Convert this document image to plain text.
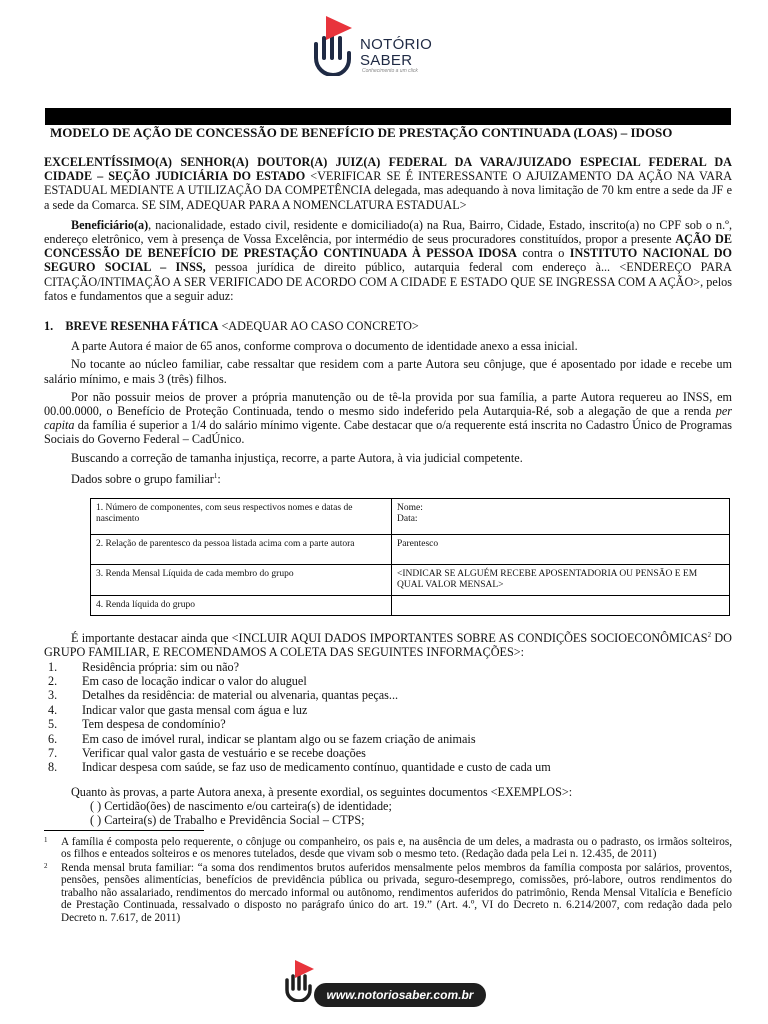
NOTÓRIO
SABER
Conhecimento a um click
MODELO DE AÇÃO DE CONCESSÃO DE BENEFÍCIO DE PRESTAÇÃO CONTINUADA (LOAS) – IDOSO

EXCELENTÍSSIMO(A) SENHOR(A) DOUTOR(A) JUIZ(A) FEDERAL DA VARA/JUIZADO ESPECIAL FEDERAL DA CIDADE – SEÇÃO JUDICIÁRIA DO ESTADO <VERIFICAR SE É INTERESSANTE O AJUIZAMENTO DA AÇÃO NA VARA ESTADUAL MEDIANTE A UTILIZAÇÃO DA COMPETÊNCIA delegada, mas adequando à nova limitação de 70 km entre a sede da JF e a sede da Comarca. SE SIM, ADEQUAR PARA A NOMENCLATURA ESTADUAL>

Beneficiário(a), nacionalidade, estado civil, residente e domiciliado(a) na Rua, Bairro, Cidade, Estado, inscrito(a) no CPF sob o n.º, endereço eletrônico, vem à presença de Vossa Excelência, por intermédio de seus procuradores constituídos, propor a presente AÇÃO DE CONCESSÃO DE BENEFÍCIO DE PRESTAÇÃO CONTINUADA À PESSOA IDOSA contra o INSTITUTO NACIONAL DO SEGURO SOCIAL – INSS, pessoa jurídica de direito público, autarquia federal com endereço à... <ENDEREÇO PARA CITAÇÃO/INTIMAÇÃO A SER VERIFICADO DE ACORDO COM A CIDADE E ESTADO QUE SE INGRESSA COM A AÇÃO>, pelos fatos e fundamentos que a seguir aduz:

1. BREVE RESENHA FÁTICA <ADEQUAR AO CASO CONCRETO>

A parte Autora é maior de 65 anos, conforme comprova o documento de identidade anexo a essa inicial.

No tocante ao núcleo familiar, cabe ressaltar que residem com a parte Autora seu cônjuge, que é aposentado por idade e recebe um salário mínimo, e mais 3 (três) filhos.

Por não possuir meios de prover a própria manutenção ou de tê-la provida por sua família, a parte Autora requereu ao INSS, em 00.00.0000, o Benefício de Proteção Continuada, tendo o mesmo sido indeferido pela Autarquia-Ré, sob a alegação de que a renda per capita da família é superior a 1/4 do salário mínimo vigente. Cabe destacar que o/a requerente está inscrita no Cadastro Único de Programas Sociais do Governo Federal – CadÚnico.

Buscando a correção de tamanha injustiça, recorre, a parte Autora, à via judicial competente.

Dados sobre o grupo familiar$^1$:

1. Número de componentes, com seus respectivos nomes e datas de nascimento	Nome:
Data:

2. Relação de parentesco da pessoa listada acima com a parte autora	Parentesco
3. Renda Mensal Líquida de cada membro do grupo	<INDICAR SE ALGUÉM RECEBE APOSENTADORIA OU PENSÃO E EM QUAL VALOR MENSAL>
4. Renda líquida do grupo	

É importante destacar ainda que <INCLUIR AQUI DADOS IMPORTANTES SOBRE AS CONDIÇÕES SOCIOECONÔMICAS$^2$ DO GRUPO FAMILIAR, E RECOMENDAMOS A COLETA DAS SEGUINTES INFORMAÇÕES>:

1. Residência própria: sim ou não?
2. Em caso de locação indicar o valor do aluguel
3. Detalhes da residência: de material ou alvenaria, quantas peças...
4. Indicar valor que gasta mensal com água e luz
5. Tem despesa de condomínio?
6. Em caso de imóvel rural, indicar se plantam algo ou se fazem criação de animais
7. Verificar qual valor gasta de vestuário e se recebe doações
8. Indicar despesa com saúde, se faz uso de medicamento contínuo, quantidade e custo de cada um

Quanto às provas, a parte Autora anexa, à presente exordial, os seguintes documentos <EXEMPLOS>:

( ) Certidão(ões) de nascimento e/ou carteira(s) de identidade;
( ) Carteira(s) de Trabalho e Previdência Social – CTPS;
1 A família é composta pelo requerente, o cônjuge ou companheiro, os pais e, na ausência de um deles, a madrasta ou o padrasto, os irmãos solteiros, os filhos e enteados solteiros e os menores tutelados, desde que vivam sob o mesmo teto. (Redação dada pela Lei n. 12.435, de 2011)
2 Renda mensal bruta familiar: “a soma dos rendimentos brutos auferidos mensalmente pelos membros da família composta por salários, proventos, pensões, pensões alimentícias, benefícios de previdência pública ou privada, seguro-desemprego, comissões, pró-labore, outros rendimentos do trabalho não assalariado, rendimentos do mercado informal ou autônomo, rendimentos auferidos do patrimônio, Renda Mensal Vitalícia e Benefício de Prestação Continuada, ressalvado o disposto no parágrafo único do art. 19.” (Art. 4.º, VI do Decreto n. 6.214/2007, com redação dada pelo Decreto n. 7.617, de 2011)
www.notoriosaber.com.br
